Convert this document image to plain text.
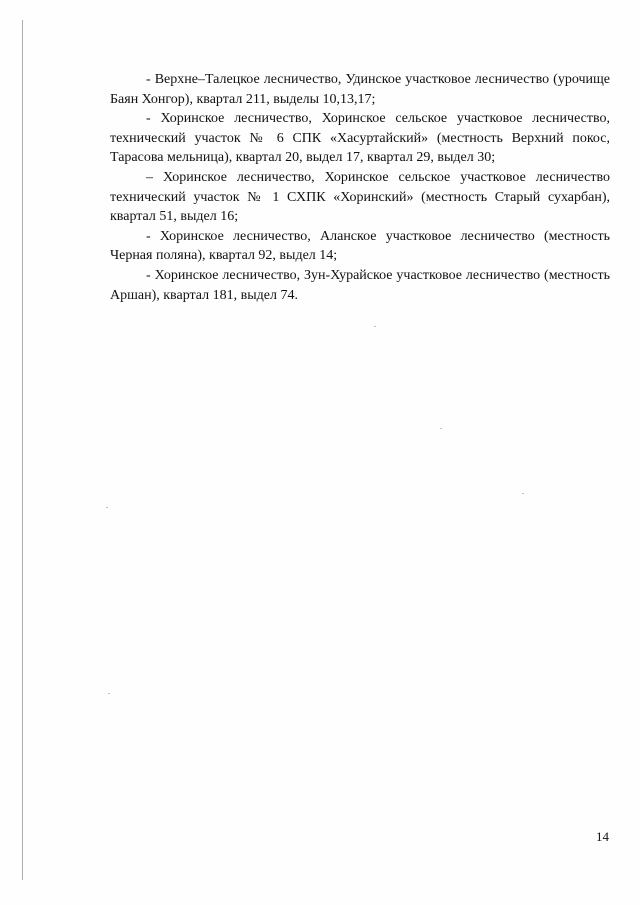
- Верхне–Талецкое лесничество, Удинское участковое лесничество (урочище Баян Хонгор), квартал 211, выделы 10,13,17;

- Хоринское лесничество, Хоринское сельское участковое лесничество, технический участок № 6 СПК «Хасуртайский» (местность Верхний покос, Тарасова мельница), квартал 20, выдел 17, квартал 29, выдел 30;

– Хоринское лесничество, Хоринское сельское участковое лесничество технический участок № 1 СХПК «Хоринский» (местность Старый сухарбан), квартал 51, выдел 16;

- Хоринское лесничество, Аланское участковое лесничество (местность Черная поляна), квартал 92, выдел 14;

- Хоринское лесничество, Зун-Хурайское участковое лесничество (местность Аршан), квартал 181, выдел 74.

14
